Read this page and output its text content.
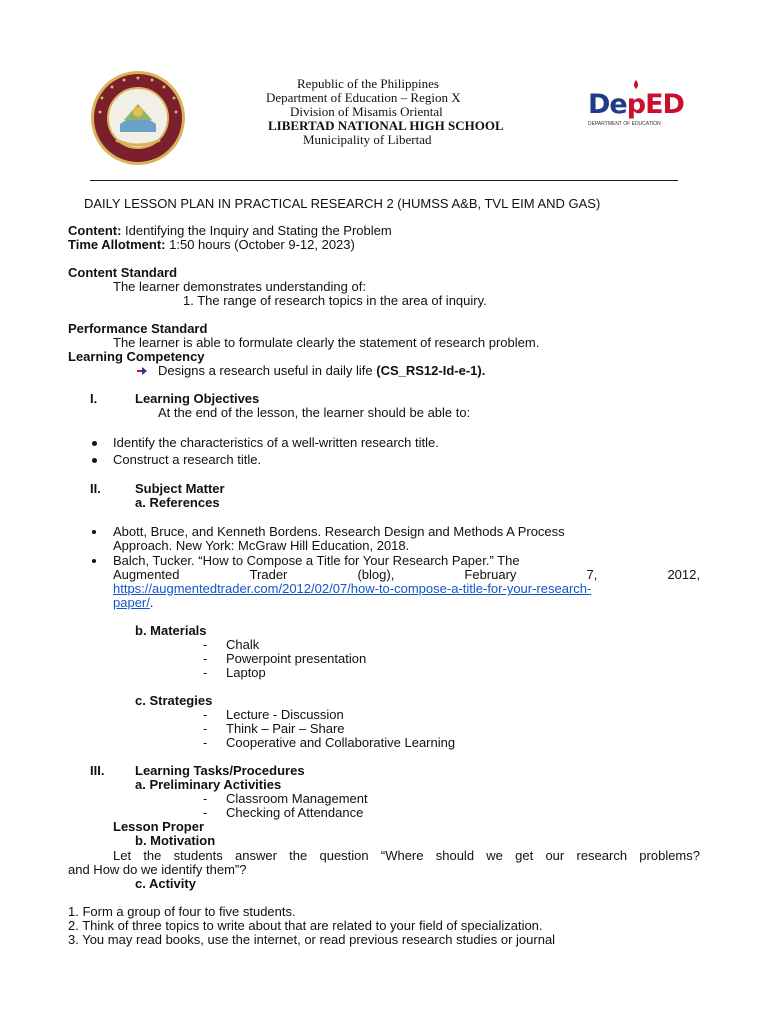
Republic of the Philippines
Department of Education – Region X
Division of Misamis Oriental
LIBERTAD NATIONAL HIGH SCHOOL
Municipality of Libertad
DepED
DEPARTMENT OF EDUCATION
DAILY LESSON PLAN IN PRACTICAL RESEARCH 2 (HUMSS A&B, TVL EIM AND GAS)
Content: Identifying the Inquiry and Stating the Problem
Time Allotment: 1:50 hours (October 9-12, 2023)
Content Standard
The learner demonstrates understanding of:
1. The range of research topics in the area of inquiry.
Performance Standard
The learner is able to formulate clearly the statement of research problem.
Learning Competency
Designs a research useful in daily life (CS_RS12-Id-e-1).
I.	Learning Objectives
At the end of the lesson, the learner should be able to:
Identify the characteristics of a well-written research title.
Construct a research title.
II.	Subject Matter
a. References
Abott, Bruce, and Kenneth Bordens. Research Design and Methods A Process
Approach. New York: McGraw Hill Education, 2018.
Balch, Tucker. “How to Compose a Title for Your Research Paper.” The
Augmented	Trader	(blog),	February	7,	2012,
https://augmentedtrader.com/2012/02/07/how-to-compose-a-title-for-your-research-
paper/.
b. Materials
- Chalk
- Powerpoint presentation
- Laptop
c. Strategies
- Lecture - Discussion
- Think – Pair – Share
- Cooperative and Collaborative Learning
III. Learning Tasks/Procedures
a. Preliminary Activities
- Classroom Management
- Checking of Attendance
Lesson Proper
b. Motivation
Let the students answer the question “Where should we get our research problems?
and How do we identify them”?
c. Activity
1. Form a group of four to five students.
2. Think of three topics to write about that are related to your field of specialization.
3. You may read books, use the internet, or read previous research studies or journal
